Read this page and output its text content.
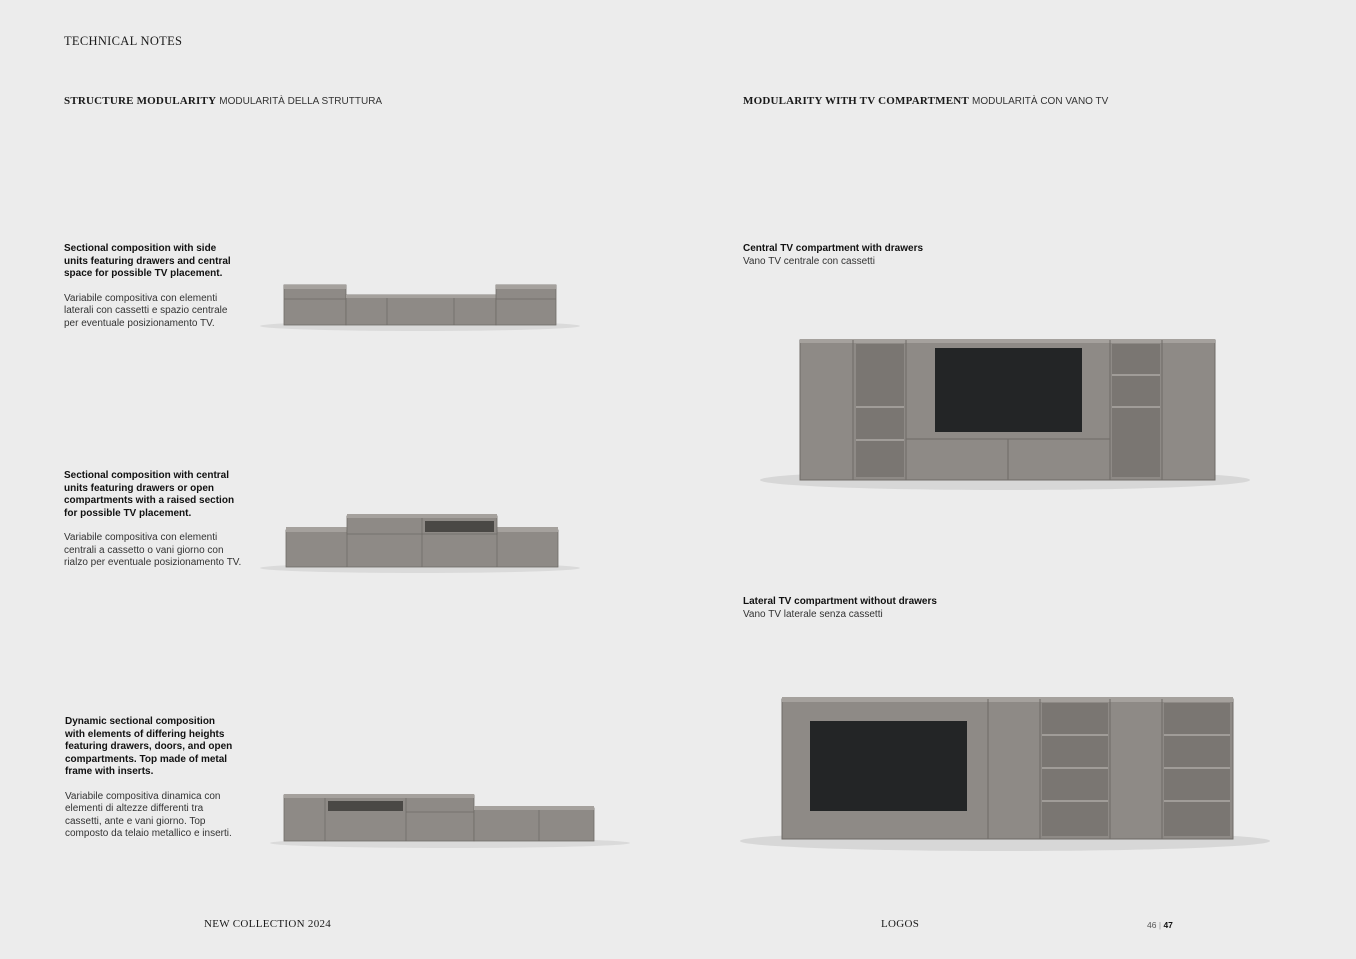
TECHNICAL NOTES
STRUCTURE MODULARITY MODULARITÀ DELLA STRUTTURA	MODULARITY WITH TV COMPARTMENT MODULARITÀ CON VANO TV
Sectional composition with side
units featuring drawers and central
space for possible TV placement.
Variabile compositiva con elementi
laterali con cassetti e spazio centrale
per eventuale posizionamento TV.
Sectional composition with central
units featuring drawers or open
compartments with a raised section
for possible TV placement.
Variabile compositiva con elementi
centrali a cassetto o vani giorno con
rialzo per eventuale posizionamento TV.
Dynamic sectional composition
with elements of differing heights
featuring drawers, doors, and open
compartments. Top made of metal
frame with inserts.
Variabile compositiva dinamica con
elementi di altezze differenti tra
cassetti, ante e vani giorno. Top
composto da telaio metallico e inserti.
Central TV compartment with drawers
Vano TV centrale con cassetti
Lateral TV compartment without drawers
Vano TV laterale senza cassetti
NEW COLLECTION 2024	LOGOS	46 | 47
